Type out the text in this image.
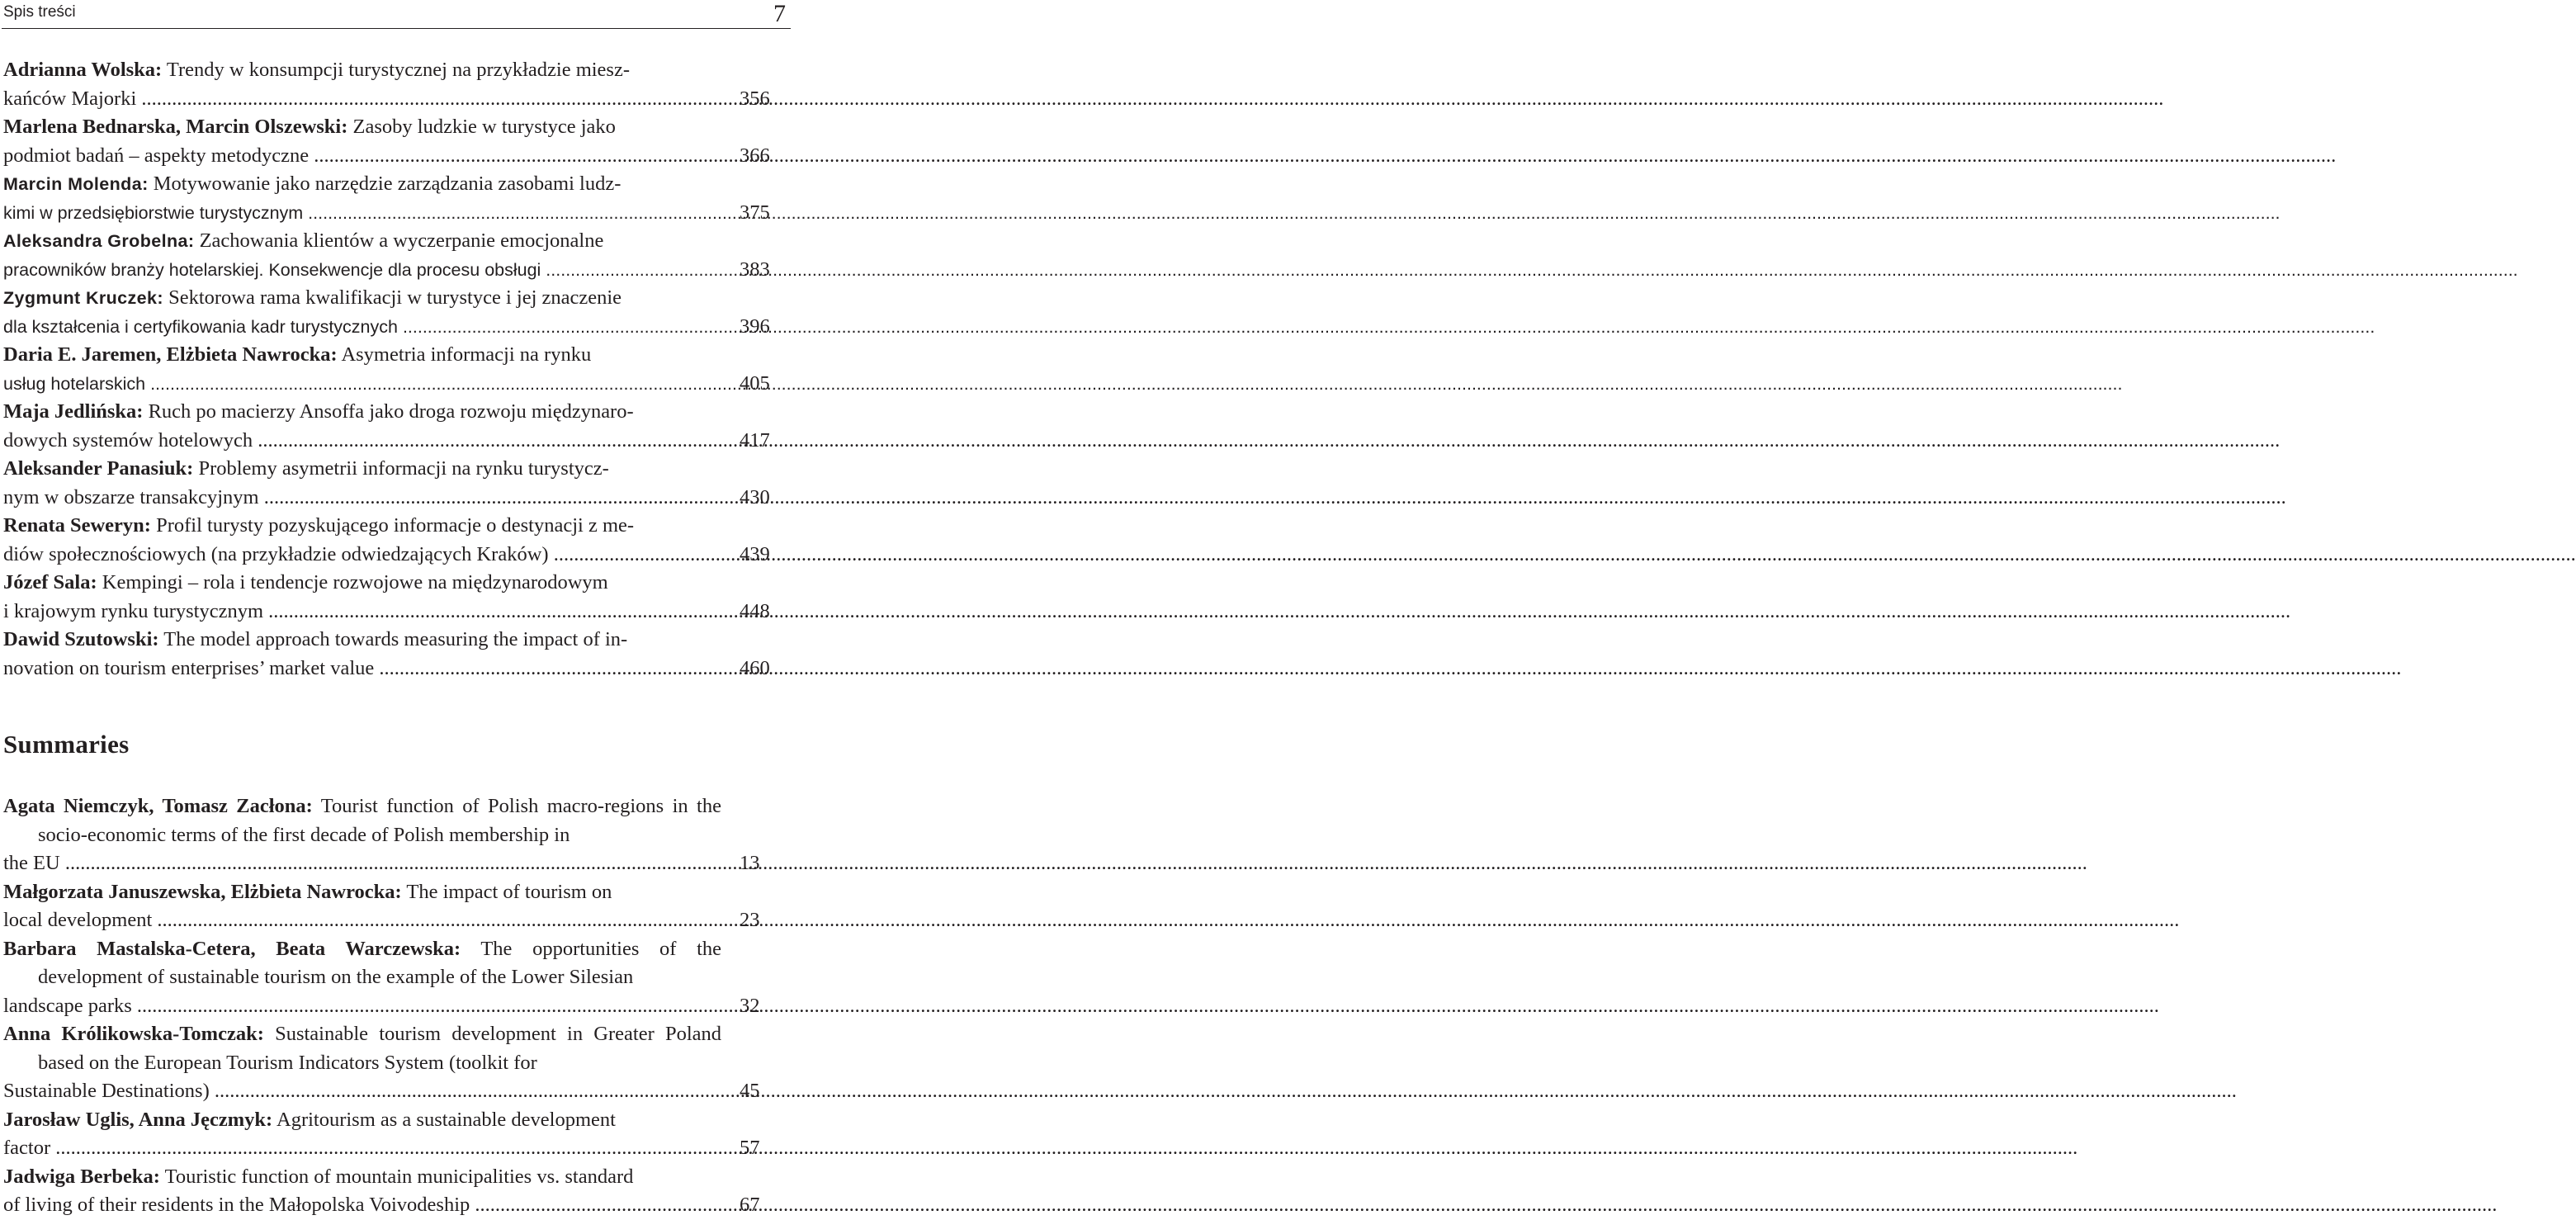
Spis treści	7
Adrianna Wolska: Trendy w konsumpcji turystycznej na przykładzie miesz-
kańców Majorki .....	356
Marlena Bednarska, Marcin Olszewski: Zasoby ludzkie w turystyce jako
podmiot badań – aspekty metodyczne .....	366
Marcin Molenda: Motywowanie jako narzędzie zarządzania zasobami ludz-
kimi w przedsiębiorstwie turystycznym .....	375
Aleksandra Grobelna: Zachowania klientów a wyczerpanie emocjonalne
pracowników branży hotelarskiej. Konsekwencje dla procesu obsługi .....	383
Zygmunt Kruczek: Sektorowa rama kwalifikacji w turystyce i jej znaczenie
dla kształcenia i certyfikowania kadr turystycznych .....	396
Daria E. Jaremen, Elżbieta Nawrocka: Asymetria informacji na rynku
usług hotelarskich .....	405
Maja Jedlińska: Ruch po macierzy Ansoffa jako droga rozwoju międzynaro-
dowych systemów hotelowych .....	417
Aleksander Panasiuk: Problemy asymetrii informacji na rynku turystycz-
nym w obszarze transakcyjnym .....	430
Renata Seweryn: Profil turysty pozyskującego informacje o destynacji z me-
diów społecznościowych (na przykładzie odwiedzających Kraków) .....	439
Józef Sala: Kempingi – rola i tendencje rozwojowe na międzynarodowym
i krajowym rynku turystycznym .....	448
Dawid Szutowski: The model approach towards measuring the impact of in-
novation on tourism enterprises’ market value .....	460
Summaries
Agata Niemczyk, Tomasz Zacłona: Tourist function of Polish macro-regions in the socio-economic terms of the first decade of Polish membership in
the EU .....	13
Małgorzata Januszewska, Elżbieta Nawrocka: The impact of tourism on
local development .....	23
Barbara Mastalska-Cetera, Beata Warczewska: The opportunities of the development of sustainable tourism on the example of the Lower Silesian
landscape parks .....	32
Anna Królikowska-Tomczak: Sustainable tourism development in Greater Poland based on the European Tourism Indicators System (toolkit for
Sustainable Destinations) .....	45
Jarosław Uglis, Anna Jęczmyk: Agritourism as a sustainable development
factor .....	57
Jadwiga Berbeka: Touristic function of mountain municipalities vs. standard
of living of their residents in the Małopolska Voivodeship .....	67
